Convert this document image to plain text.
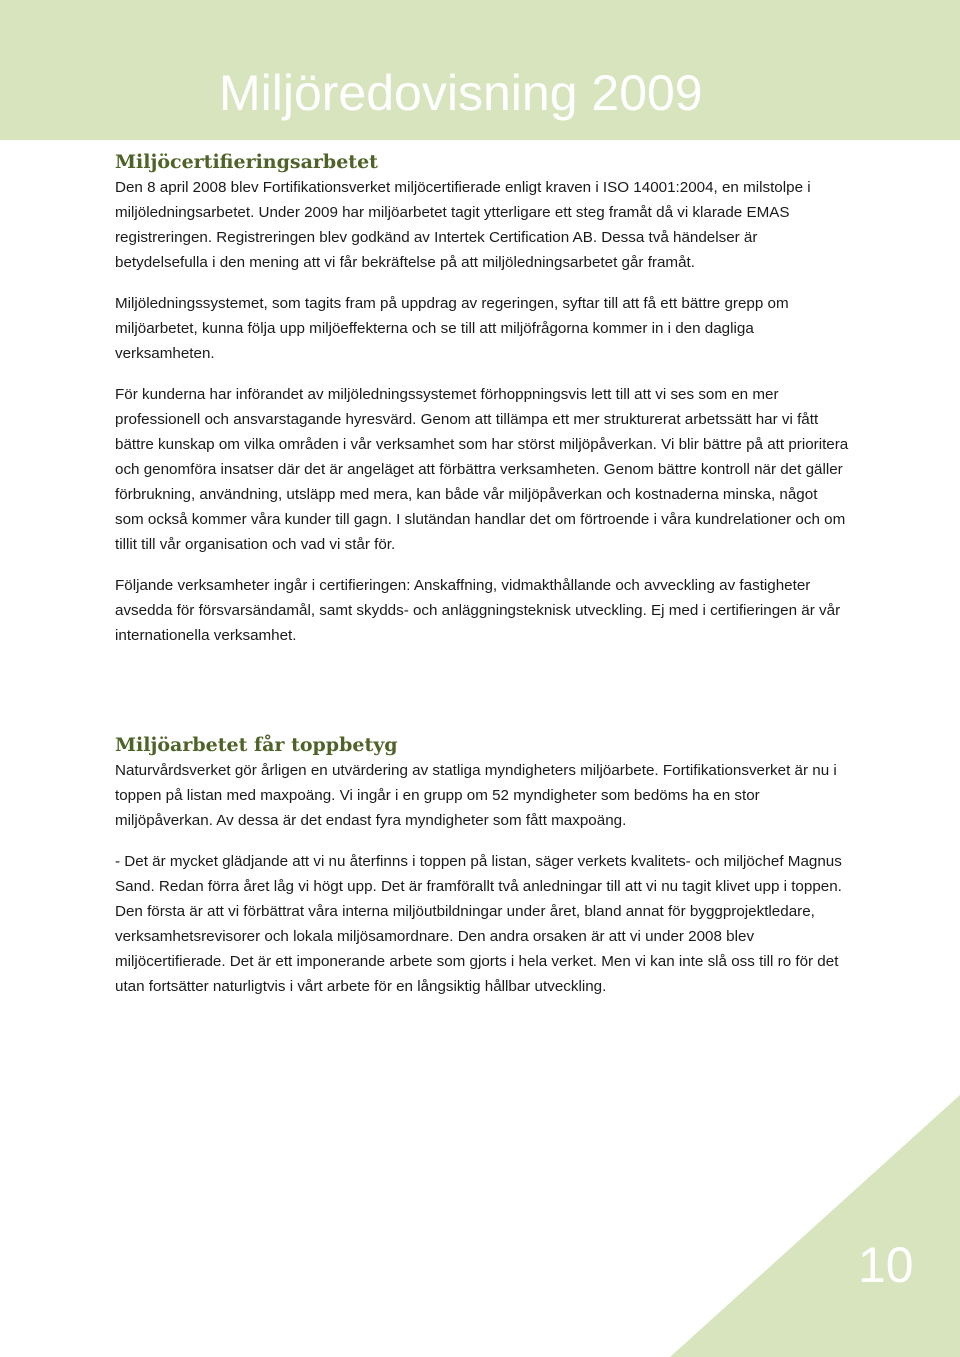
Miljöredovisning 2009
Miljöcertifieringsarbetet

Den 8 april 2008 blev Fortifikationsverket miljöcertifierade enligt kraven i ISO 14001:2004, en milstolpe i miljöledningsarbetet. Under 2009 har miljöarbetet tagit ytterligare ett steg framåt då vi klarade EMAS registreringen. Registreringen blev godkänd av Intertek Certification AB. Dessa två händelser är betydelsefulla i den mening att vi får bekräftelse på att miljöledningsarbetet går framåt.

Miljöledningssystemet, som tagits fram på uppdrag av regeringen, syftar till att få ett bättre grepp om miljöarbetet, kunna följa upp miljöeffekterna och se till att miljöfrågorna kommer in i den dagliga verksamheten.

För kunderna har införandet av miljöledningssystemet förhoppningsvis lett till att vi ses som en mer professionell och ansvarstagande hyresvärd. Genom att tillämpa ett mer strukturerat arbetssätt har vi fått bättre kunskap om vilka områden i vår verksamhet som har störst miljöpåverkan. Vi blir bättre på att prioritera och genomföra insatser där det är angeläget att förbättra verksamheten. Genom bättre kontroll när det gäller förbrukning, användning, utsläpp med mera, kan både vår miljöpåverkan och kostnaderna minska, något som också kommer våra kunder till gagn. I slutändan handlar det om förtroende i våra kundrelationer och om tillit till vår organisation och vad vi står för.

Följande verksamheter ingår i certifieringen: Anskaffning, vidmakthållande och avveckling av fastigheter avsedda för försvarsändamål, samt skydds- och anläggningsteknisk utveckling. Ej med i certifieringen är vår internationella verksamhet.

Miljöarbetet får toppbetyg

Naturvårdsverket gör årligen en utvärdering av statliga myndigheters miljöarbete. Fortifikationsverket är nu i toppen på listan med maxpoäng. Vi ingår i en grupp om 52 myndigheter som bedöms ha en stor miljöpåverkan. Av dessa är det endast fyra myndigheter som fått maxpoäng.

- Det är mycket glädjande att vi nu återfinns i toppen på listan, säger verkets kvalitets- och miljöchef Magnus Sand. Redan förra året låg vi högt upp. Det är framförallt två anledningar till att vi nu tagit klivet upp i toppen. Den första är att vi förbättrat våra interna miljöutbildningar under året, bland annat för byggprojektledare, verksamhetsrevisorer och lokala miljösamordnare. Den andra orsaken är att vi under 2008 blev miljöcertifierade. Det är ett imponerande arbete som gjorts i hela verket. Men vi kan inte slå oss till ro för det utan fortsätter naturligtvis i vårt arbete för en långsiktig hållbar utveckling.

10
